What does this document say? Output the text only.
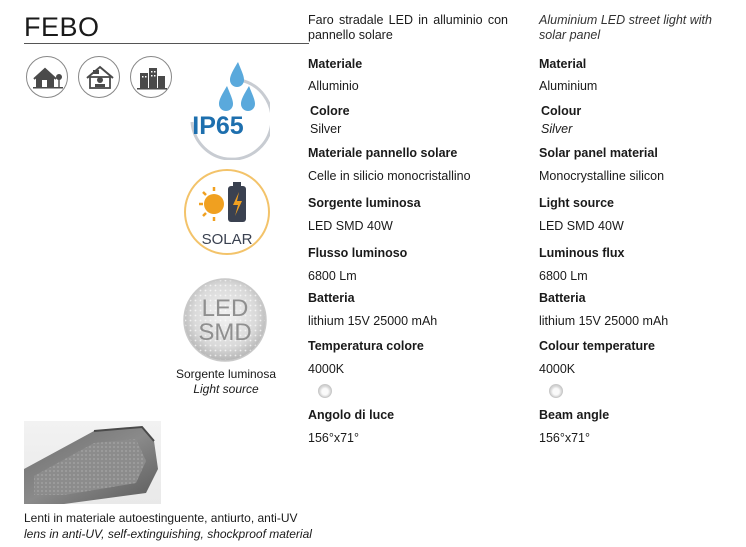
FEBO	Faro stradale LED in alluminio con pannello solare
Aluminium LED street light with solar panel
IP65
SOLAR
LED
SMD
Sorgente luminosa
Light source
Lenti in materiale autoestinguente, antiurto, anti-UV
lens in anti-UV, self-extinguishing, shockproof material
Materiale
Alluminio
Colore
Silver
Materiale pannello solare
Celle in silicio monocristallino
Sorgente luminosa
LED SMD 40W
Flusso luminoso
6800 Lm
Batteria
lithium 15V 25000 mAh
Temperatura colore
4000K
Angolo di luce
156°x71°
Material
Aluminium
Colour
Silver
Solar panel material
Monocrystalline silicon
Light source
LED SMD 40W
Luminous flux
6800 Lm
Batteria
lithium 15V 25000 mAh
Colour temperature
4000K
Beam angle
156°x71°
